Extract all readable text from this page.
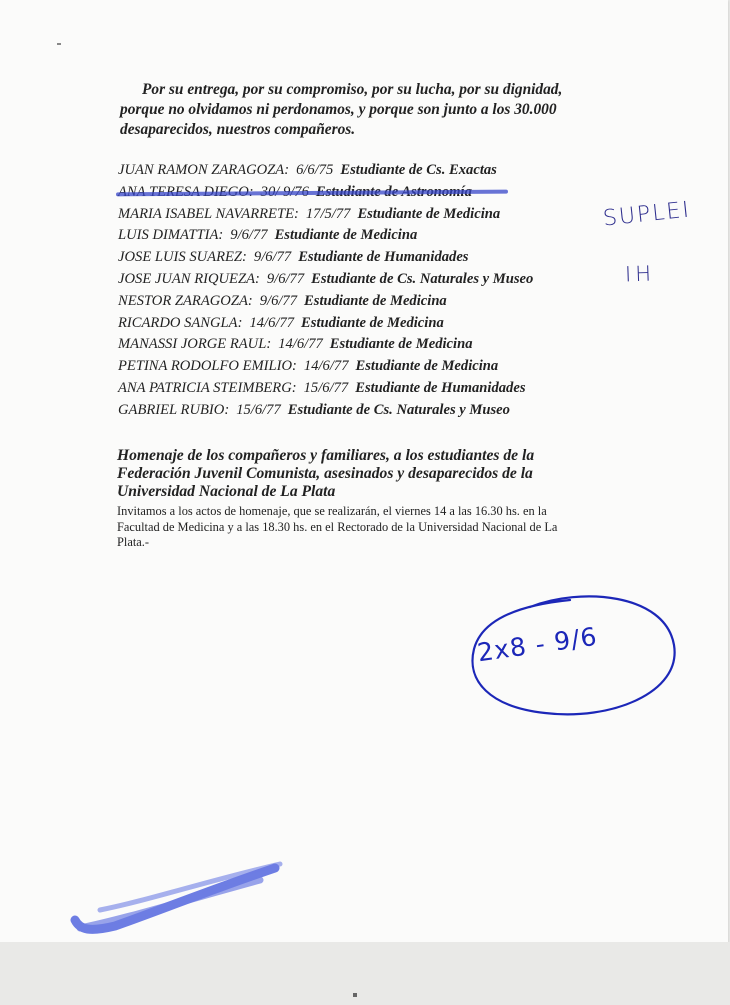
Por su entrega, por su compromiso, por su lucha, por su dignidad,
porque no olvidamos ni perdonamos, y porque son junto a los 30.000
desaparecidos, nuestros compañeros.
JUAN RAMON ZARAGOZA: 6/6/75 Estudiante de Cs. Exactas
MARIA ISABEL NAVARRETE: 17/5/77 Estudiante de Medicina
LUIS DIMATTIA: 9/6/77 Estudiante de Medicina
JOSE LUIS SUAREZ: 9/6/77 Estudiante de Humanidades
JOSE JUAN RIQUEZA: 9/6/77 Estudiante de Cs. Naturales y Museo
NESTOR ZARAGOZA: 9/6/77 Estudiante de Medicina
RICARDO SANGLA: 14/6/77 Estudiante de Medicina
MANASSI JORGE RAUL: 14/6/77 Estudiante de Medicina
PETINA RODOLFO EMILIO: 14/6/77 Estudiante de Medicina
ANA PATRICIA STEIMBERG: 15/6/77 Estudiante de Humanidades
GABRIEL RUBIO: 15/6/77 Estudiante de Cs. Naturales y Museo
Homenaje de los compañeros y familiares, a los estudiantes de la
Federación Juvenil Comunista, asesinados y desaparecidos de la
Universidad Nacional de La Plata
Invitamos a los actos de homenaje, que se realizarán, el viernes 14 a las 16.30 hs. en la
Facultad de Medicina y a las 18.30 hs. en el Rectorado de la Universidad Nacional de La
Plata.-
SUPLEI
IH
2x8 - 9/6
